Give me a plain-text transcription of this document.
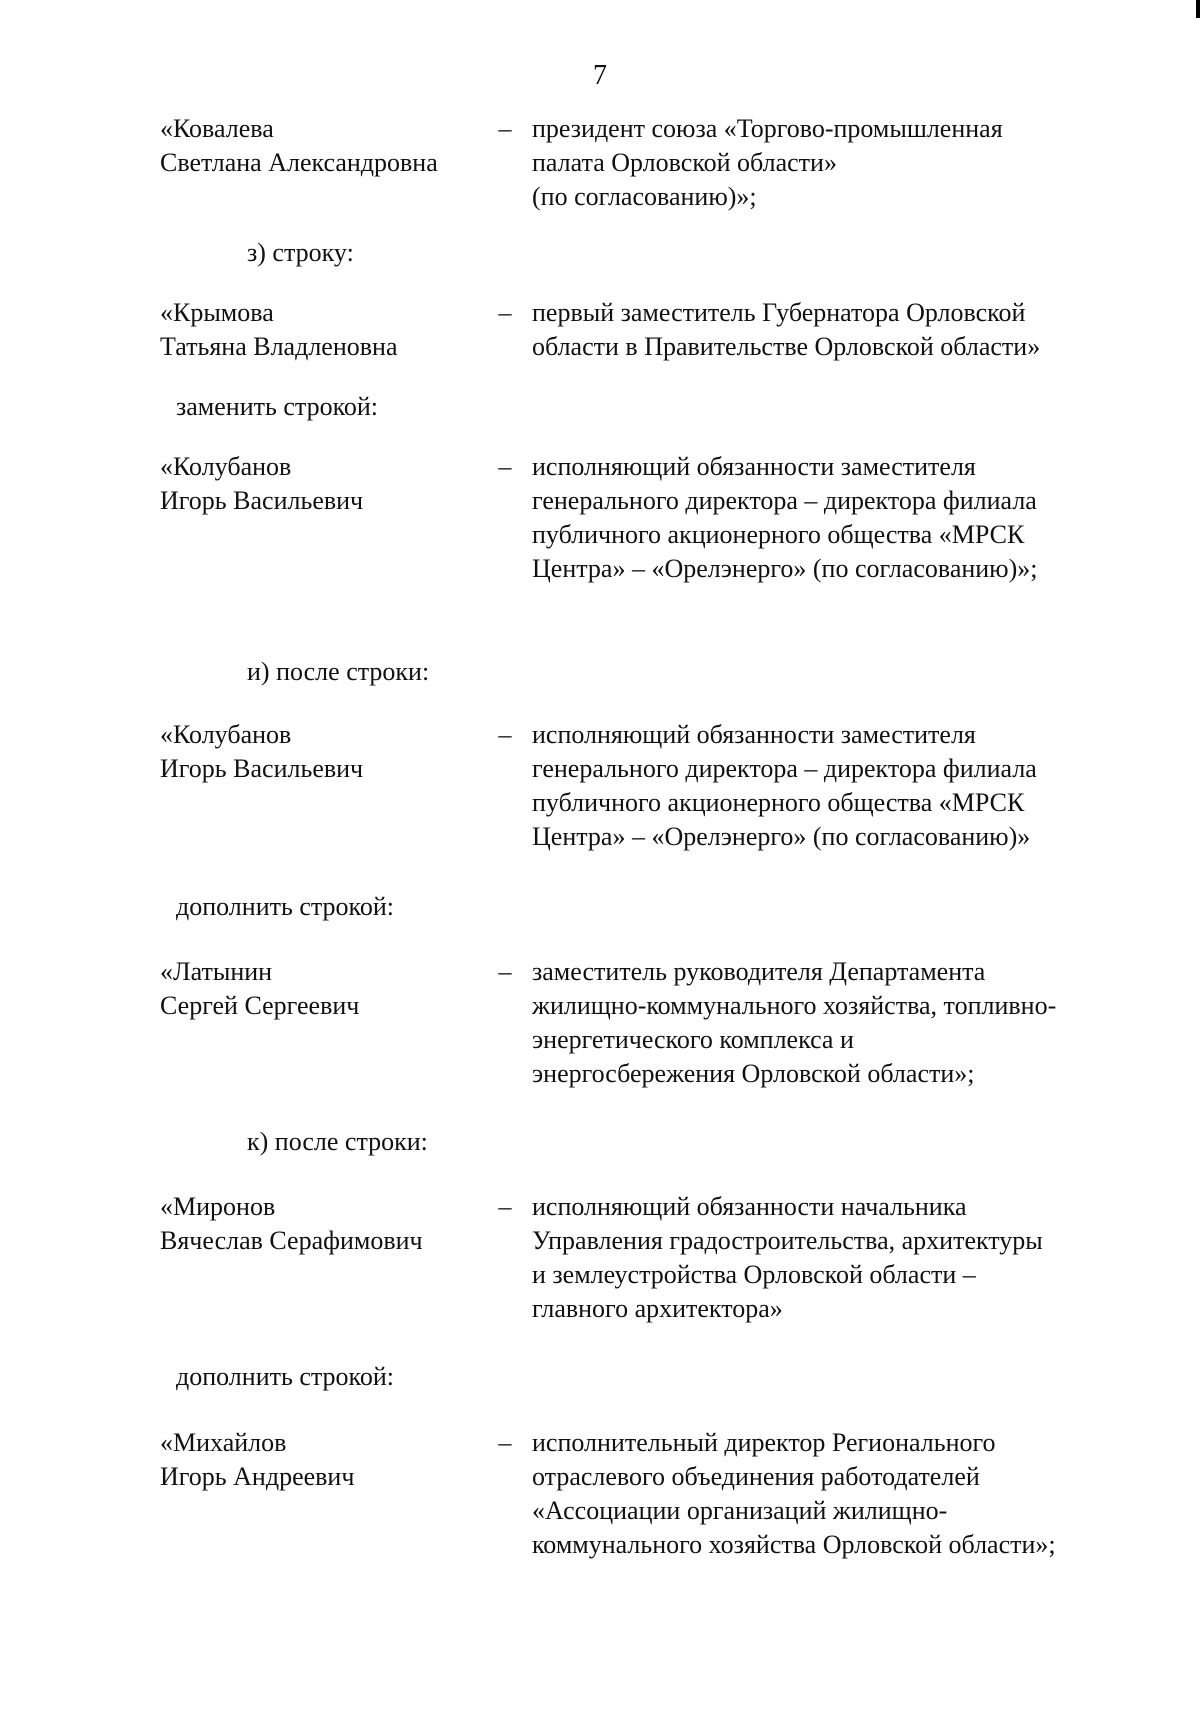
7
«Ковалева
Светлана Александровна
– президент союза «Торгово-промышленная
палата Орловской области»
(по согласованию)»;
з) строку:
«Крымова
Татьяна Владленовна
– первый заместитель Губернатора Орловской
области в Правительстве Орловской области»
заменить строкой:
«Колубанов
Игорь Васильевич
– исполняющий обязанности заместителя
генерального директора – директора филиала
публичного акционерного общества «МРСК
Центра» – «Орелэнерго» (по согласованию)»;
и) после строки:
«Колубанов
Игорь Васильевич
– исполняющий обязанности заместителя
генерального директора – директора филиала
публичного акционерного общества «МРСК
Центра» – «Орелэнерго» (по согласованию)»
дополнить строкой:
«Латынин
Сергей Сергеевич
– заместитель руководителя Департамента
жилищно-коммунального хозяйства, топливно-
энергетического комплекса и
энергосбережения Орловской области»;
к) после строки:
«Миронов
Вячеслав Серафимович
– исполняющий обязанности начальника
Управления градостроительства, архитектуры
и землеустройства Орловской области –
главного архитектора»
дополнить строкой:
«Михайлов
Игорь Андреевич
– исполнительный директор Регионального
отраслевого объединения работодателей
«Ассоциации организаций жилищно-
коммунального хозяйства Орловской области»;
